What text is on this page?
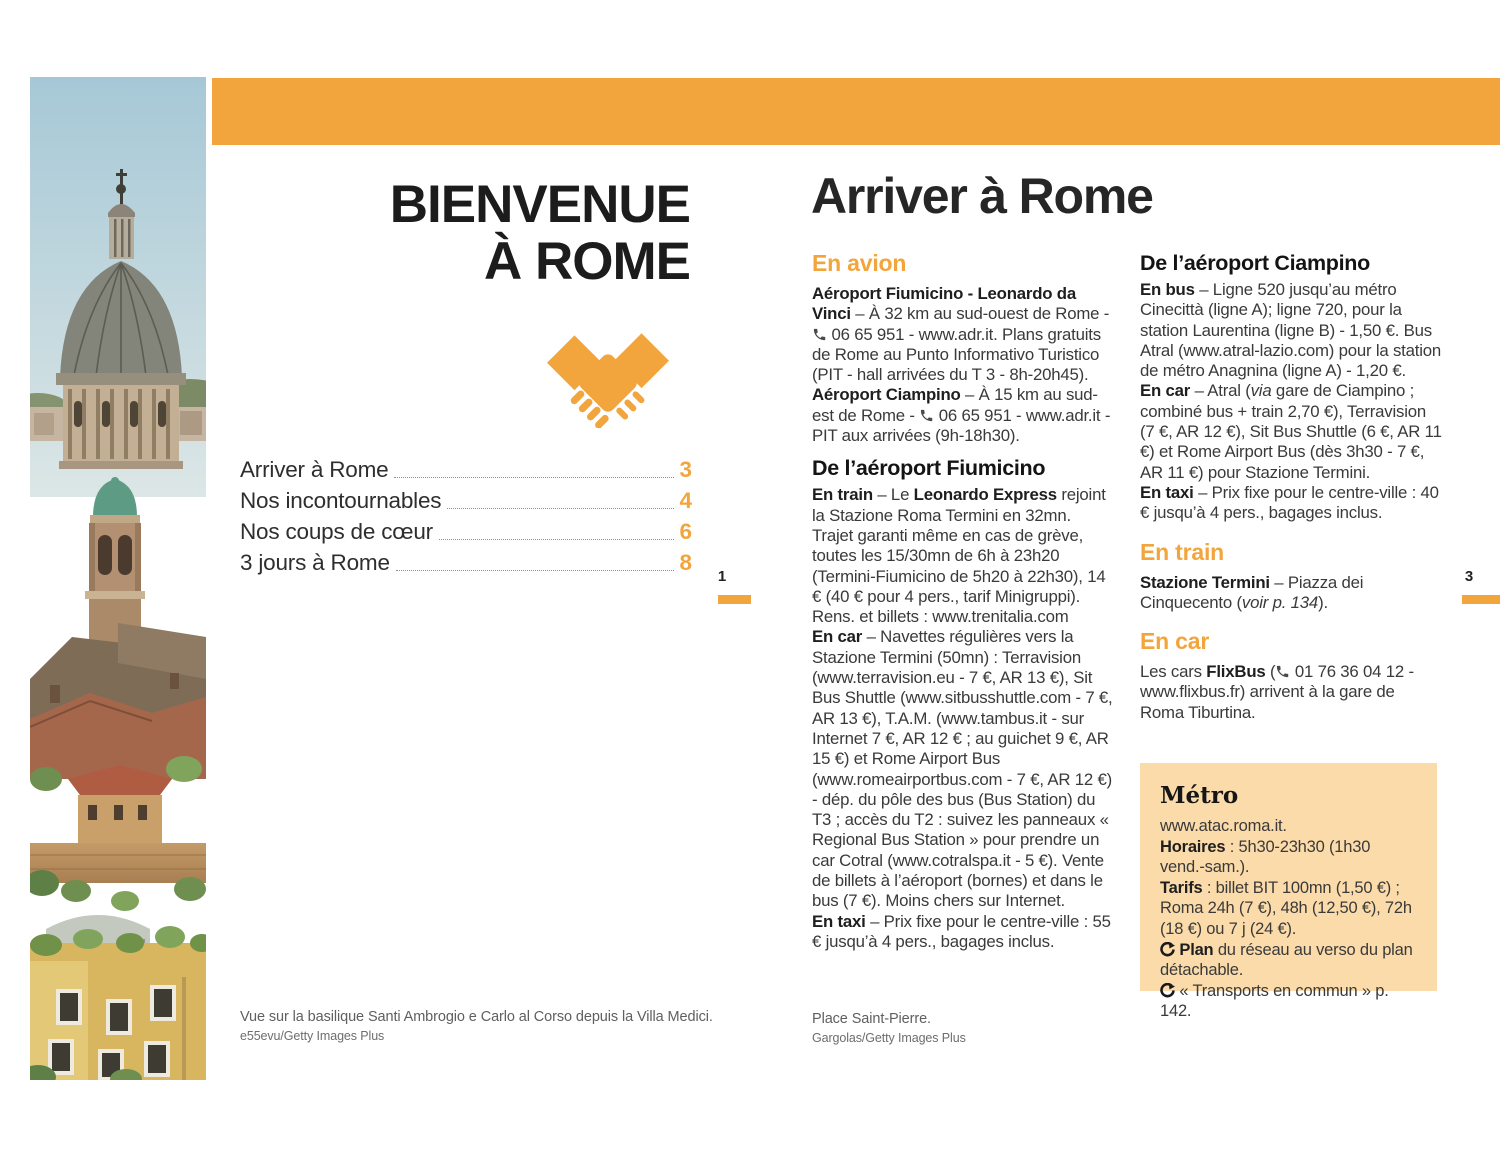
BIENVENUE
À ROME
Arriver à Rome	3
Nos incontournables	4
Nos coups de cœur	6
3 jours à Rome	8
Vue sur la basilique Santi Ambrogio e Carlo al Corso depuis la Villa Medici.
e55evu/Getty Images Plus
1
Arriver à Rome
En avion

Aéroport Fiumicino - Leonardo da Vinci – À 32 km au sud-ouest de Rome -  06 65 951 - www.adr.it. Plans gratuits de Rome au Punto Informativo Turistico (PIT - hall arrivées du T 3 - 8h-20h45).

Aéroport Ciampino – À 15 km au sud-est de Rome -  06 65 951 - www.adr.it - PIT aux arrivées (9h-18h30).

De l’aéroport Fiumicino

En train – Le Leonardo Express rejoint la Stazione Roma Termini en 32mn. Trajet garanti même en cas de grève, toutes les 15/30mn de 6h à 23h20 (Termini-Fiumicino de 5h20 à 22h30), 14 € (40 € pour 4 pers., tarif Minigruppi). Rens. et billets : www.trenitalia.com

En car – Navettes régulières vers la Stazione Termini (50mn) : Terravision (www.terravision.eu - 7 €, AR 13 €), Sit Bus Shuttle (www.sitbusshuttle.com - 7 €, AR 13 €), T.A.M. (www.tambus.it - sur Internet 7 €, AR 12 € ; au guichet 9 €, AR 15 €) et Rome Airport Bus (www.romeairportbus.com - 7 €, AR 12 €) - dép. du pôle des bus (Bus Station) du T3 ; accès du T2 : suivez les panneaux « Regional Bus Station » pour prendre un car Cotral (www.cotralspa.it - 5 €). Vente de billets à l’aéroport (bornes) et dans le bus (7 €). Moins chers sur Internet.

En taxi – Prix fixe pour le centre-ville : 55 € jusqu’à 4 pers., bagages inclus.

Place Saint-Pierre.
Gargolas/Getty Images Plus
De l’aéroport Ciampino

En bus – Ligne 520 jusqu’au métro Cinecittà (ligne A); ligne 720, pour la station Laurentina (ligne B) - 1,50 €. Bus Atral (www.atral-lazio.com) pour la station de métro Anagnina (ligne A) - 1,20 €.

En car – Atral (via gare de Ciampino ; combiné bus + train 2,70 €), Terravision (7 €, AR 12 €), Sit Bus Shuttle (6 €, AR 11 €) et Rome Airport Bus (dès 3h30 - 7 €, AR 11 €) pour Stazione Termini.

En taxi – Prix fixe pour le centre-ville : 40 € jusqu’à 4 pers., bagages inclus.

En train

Stazione Termini – Piazza dei Cinquecento (voir p. 134).

En car

Les cars FlixBus ( 01 76 36 04 12 - www.flixbus.fr) arrivent à la gare de Roma Tiburtina.

Métro

www.atac.roma.it.

Horaires : 5h30-23h30 (1h30 vend.-sam.).

Tarifs : billet BIT 100mn (1,50 €) ; Roma 24h (7 €), 48h (12,50 €), 72h (18 €) ou 7 j (24 €).

Plan du réseau au verso du plan détachable.

« Transports en commun » p. 142.

3
